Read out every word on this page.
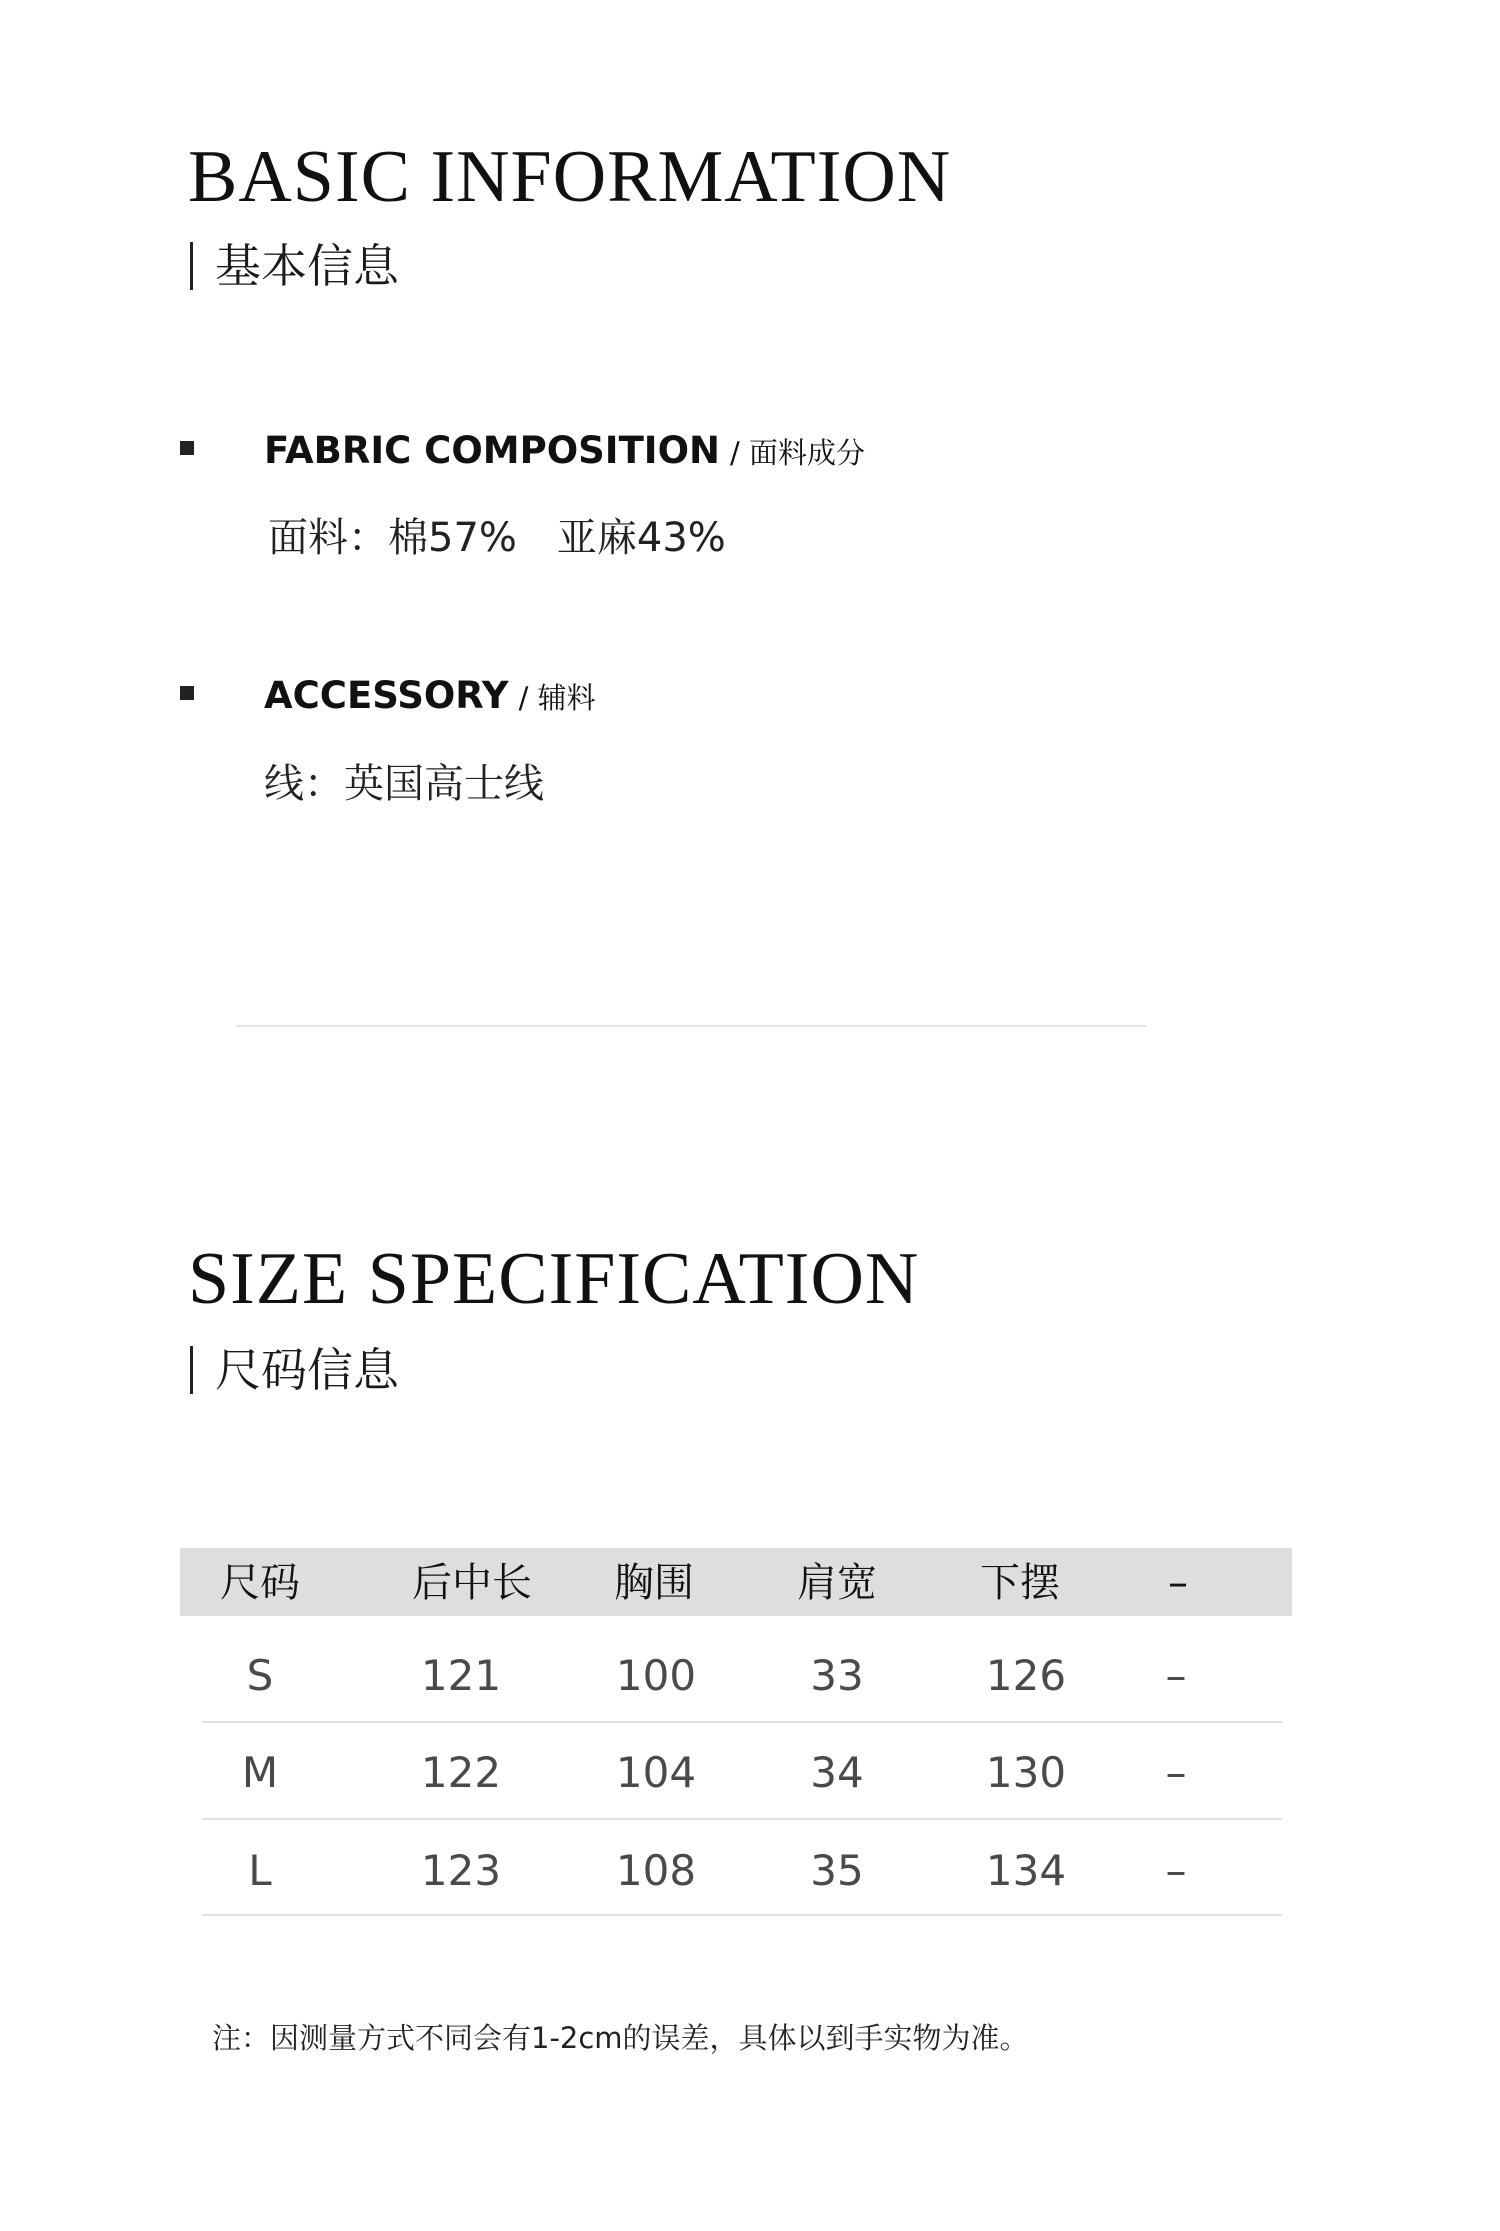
BASIC INFORMATION
基本信息
FABRIC COMPOSITION / 面料成分
面料：棉57%　亚麻43%
ACCESSORY / 辅料
线：英国高士线
SIZE SPECIFICATION
尺码信息
尺码	后中长	胸围	肩宽	下摆	–
S	121	100	33	126	–
M	122	104	34	130	–
L	123	108	35	134	–
注：因测量方式不同会有1-2cm的误差，具体以到手实物为准。
